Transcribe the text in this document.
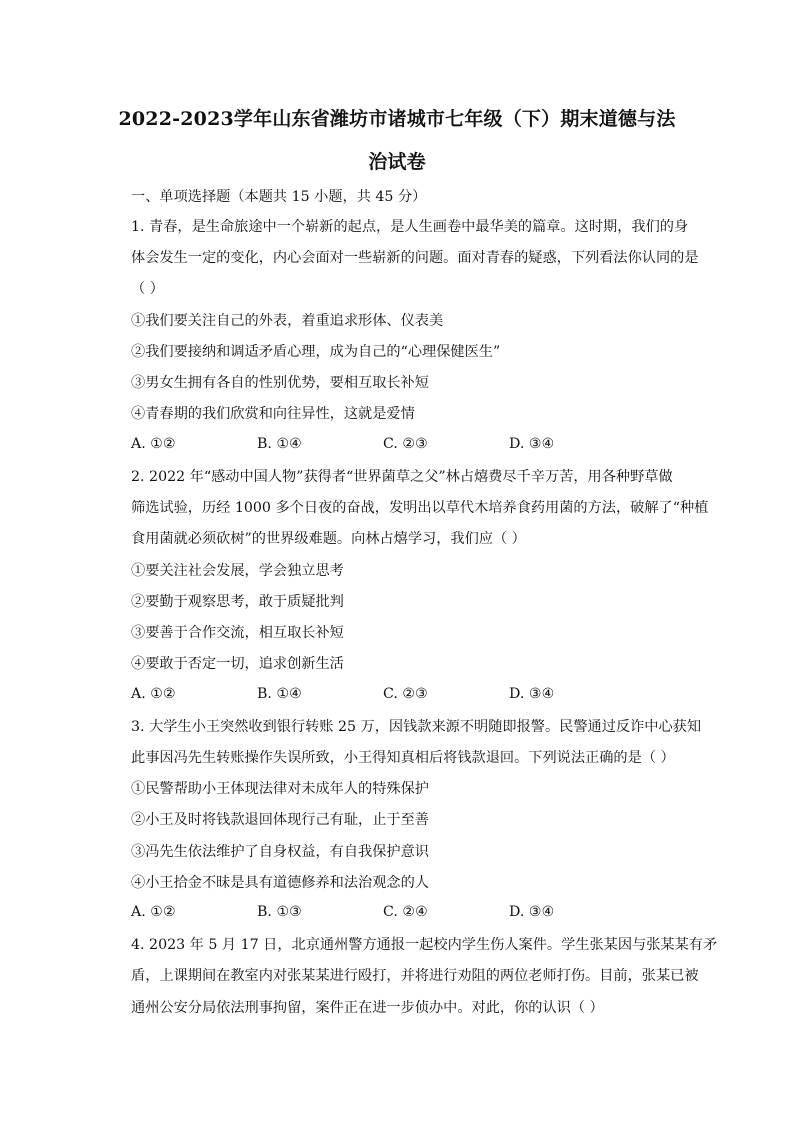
2022-2023学年山东省潍坊市诸城市七年级（下）期末道德与法
治试卷
一、单项选择题（本题共 15 小题，共 45 分）
1. 青春，是生命旅途中一个崭新的起点，是人生画卷中最华美的篇章。这时期，我们的身
体会发生一定的变化，内心会面对一些崭新的问题。面对青春的疑惑，下列看法你认同的是
（ ）
①我们要关注自己的外表，着重追求形体、仪表美
②我们要接纳和调适矛盾心理，成为自己的“心理保健医生”
③男女生拥有各自的性别优势，要相互取长补短
④青春期的我们欣赏和向往异性，这就是爱情
A. ①②	B. ①④	C. ②③	D. ③④
2. 2022 年“感动中国人物”获得者“世界菌草之父”林占熺费尽千辛万苦，用各种野草做
筛选试验，历经 1000 多个日夜的奋战，发明出以草代木培养食药用菌的方法，破解了“种植
食用菌就必须砍树”的世界级难题。向林占熺学习，我们应（ ）
①要关注社会发展，学会独立思考
②要勤于观察思考，敢于质疑批判
③要善于合作交流，相互取长补短
④要敢于否定一切，追求创新生活
A. ①②	B. ①④	C. ②③	D. ③④
3. 大学生小王突然收到银行转账 25 万，因钱款来源不明随即报警。民警通过反诈中心获知
此事因冯先生转账操作失误所致，小王得知真相后将钱款退回。下列说法正确的是（ ）
①民警帮助小王体现法律对未成年人的特殊保护
②小王及时将钱款退回体现行己有耻，止于至善
③冯先生依法维护了自身权益，有自我保护意识
④小王拾金不昧是具有道德修养和法治观念的人
A. ①②	B. ①③	C. ②④	D. ③④
4. 2023 年 5 月 17 日，北京通州警方通报一起校内学生伤人案件。学生张某因与张某某有矛
盾，上课期间在教室内对张某某进行殴打，并将进行劝阻的两位老师打伤。目前，张某已被
通州公安分局依法刑事拘留，案件正在进一步侦办中。对此，你的认识（ ）
